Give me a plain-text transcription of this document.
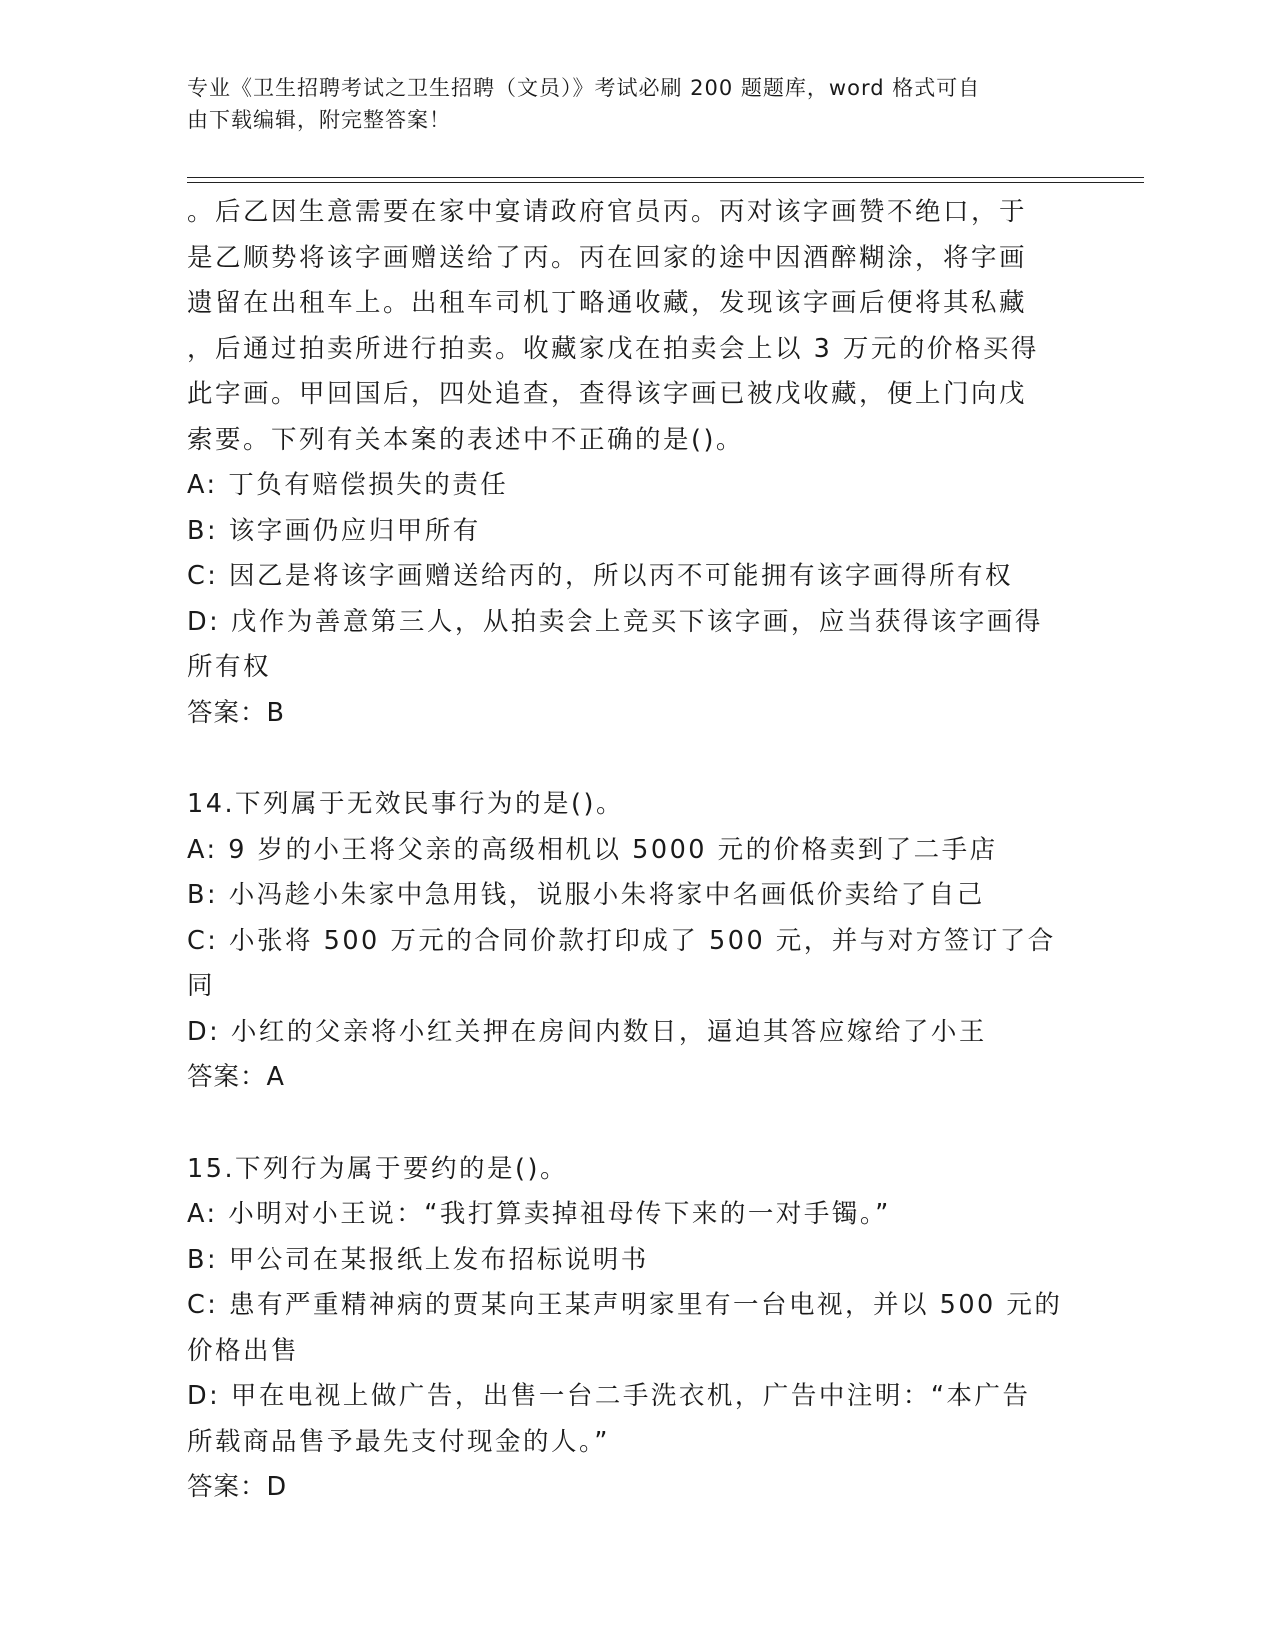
专业《卫生招聘考试之卫生招聘（文员）》考试必刷 200 题题库，word 格式可自
由下载编辑，附完整答案！

。后乙因生意需要在家中宴请政府官员丙。丙对该字画赞不绝口，于

是乙顺势将该字画赠送给了丙。丙在回家的途中因酒醉糊涂，将字画

遗留在出租车上。出租车司机丁略通收藏，发现该字画后便将其私藏

，后通过拍卖所进行拍卖。收藏家戊在拍卖会上以 3 万元的价格买得

此字画。甲回国后，四处追查，查得该字画已被戊收藏，便上门向戊

索要。下列有关本案的表述中不正确的是()。

A: 丁负有赔偿损失的责任

B: 该字画仍应归甲所有

C: 因乙是将该字画赠送给丙的，所以丙不可能拥有该字画得所有权

D: 戊作为善意第三人，从拍卖会上竞买下该字画，应当获得该字画得

所有权

答案：B

14.下列属于无效民事行为的是()。

A: 9 岁的小王将父亲的高级相机以 5000 元的价格卖到了二手店

B: 小冯趁小朱家中急用钱，说服小朱将家中名画低价卖给了自己

C: 小张将 500 万元的合同价款打印成了 500 元，并与对方签订了合同

D: 小红的父亲将小红关押在房间内数日，逼迫其答应嫁给了小王

答案：A

15.下列行为属于要约的是()。

A: 小明对小王说：“我打算卖掉祖母传下来的一对手镯。”

B: 甲公司在某报纸上发布招标说明书

C: 患有严重精神病的贾某向王某声明家里有一台电视，并以 500 元的

价格出售

D: 甲在电视上做广告，出售一台二手洗衣机，广告中注明：“本广告

所载商品售予最先支付现金的人。”

答案：D
